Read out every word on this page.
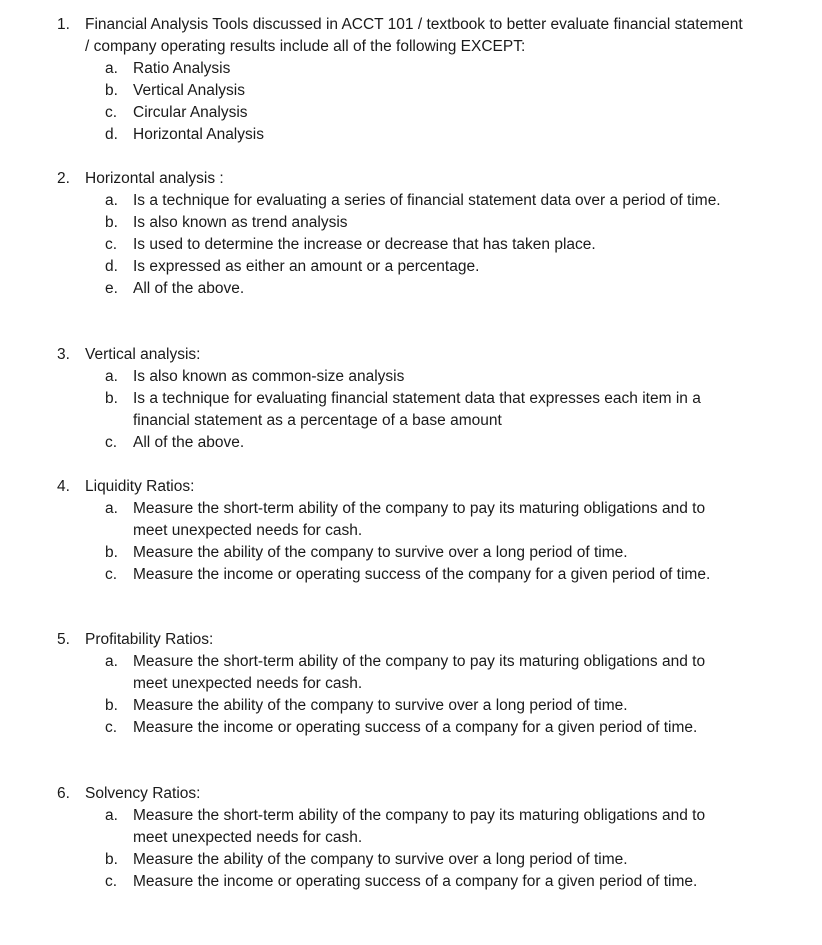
1. Financial Analysis Tools discussed in ACCT 101 / textbook to better evaluate financial statement / company operating results include all of the following EXCEPT:
a. Ratio Analysis
b. Vertical Analysis
c. Circular Analysis
d. Horizontal Analysis
2. Horizontal analysis :
a. Is a technique for evaluating a series of financial statement data over a period of time.
b. Is also known as trend analysis
c. Is used to determine the increase or decrease that has taken place.
d. Is expressed as either an amount or a percentage.
e. All of the above.
3. Vertical analysis:
a. Is also known as common-size analysis
b. Is a technique for evaluating financial statement data that expresses each item in a financial statement as a percentage of a base amount
c. All of the above.
4. Liquidity Ratios:
a. Measure the short-term ability of the company to pay its maturing obligations and to meet unexpected needs for cash.
b. Measure the ability of the company to survive over a long period of time.
c. Measure the income or operating success of the company for a given period of time.
5. Profitability Ratios:
a. Measure the short-term ability of the company to pay its maturing obligations and to meet unexpected needs for cash.
b. Measure the ability of the company to survive over a long period of time.
c. Measure the income or operating success of a company for a given period of time.
6. Solvency Ratios:
a. Measure the short-term ability of the company to pay its maturing obligations and to meet unexpected needs for cash.
b. Measure the ability of the company to survive over a long period of time.
c. Measure the income or operating success of a company for a given period of time.
